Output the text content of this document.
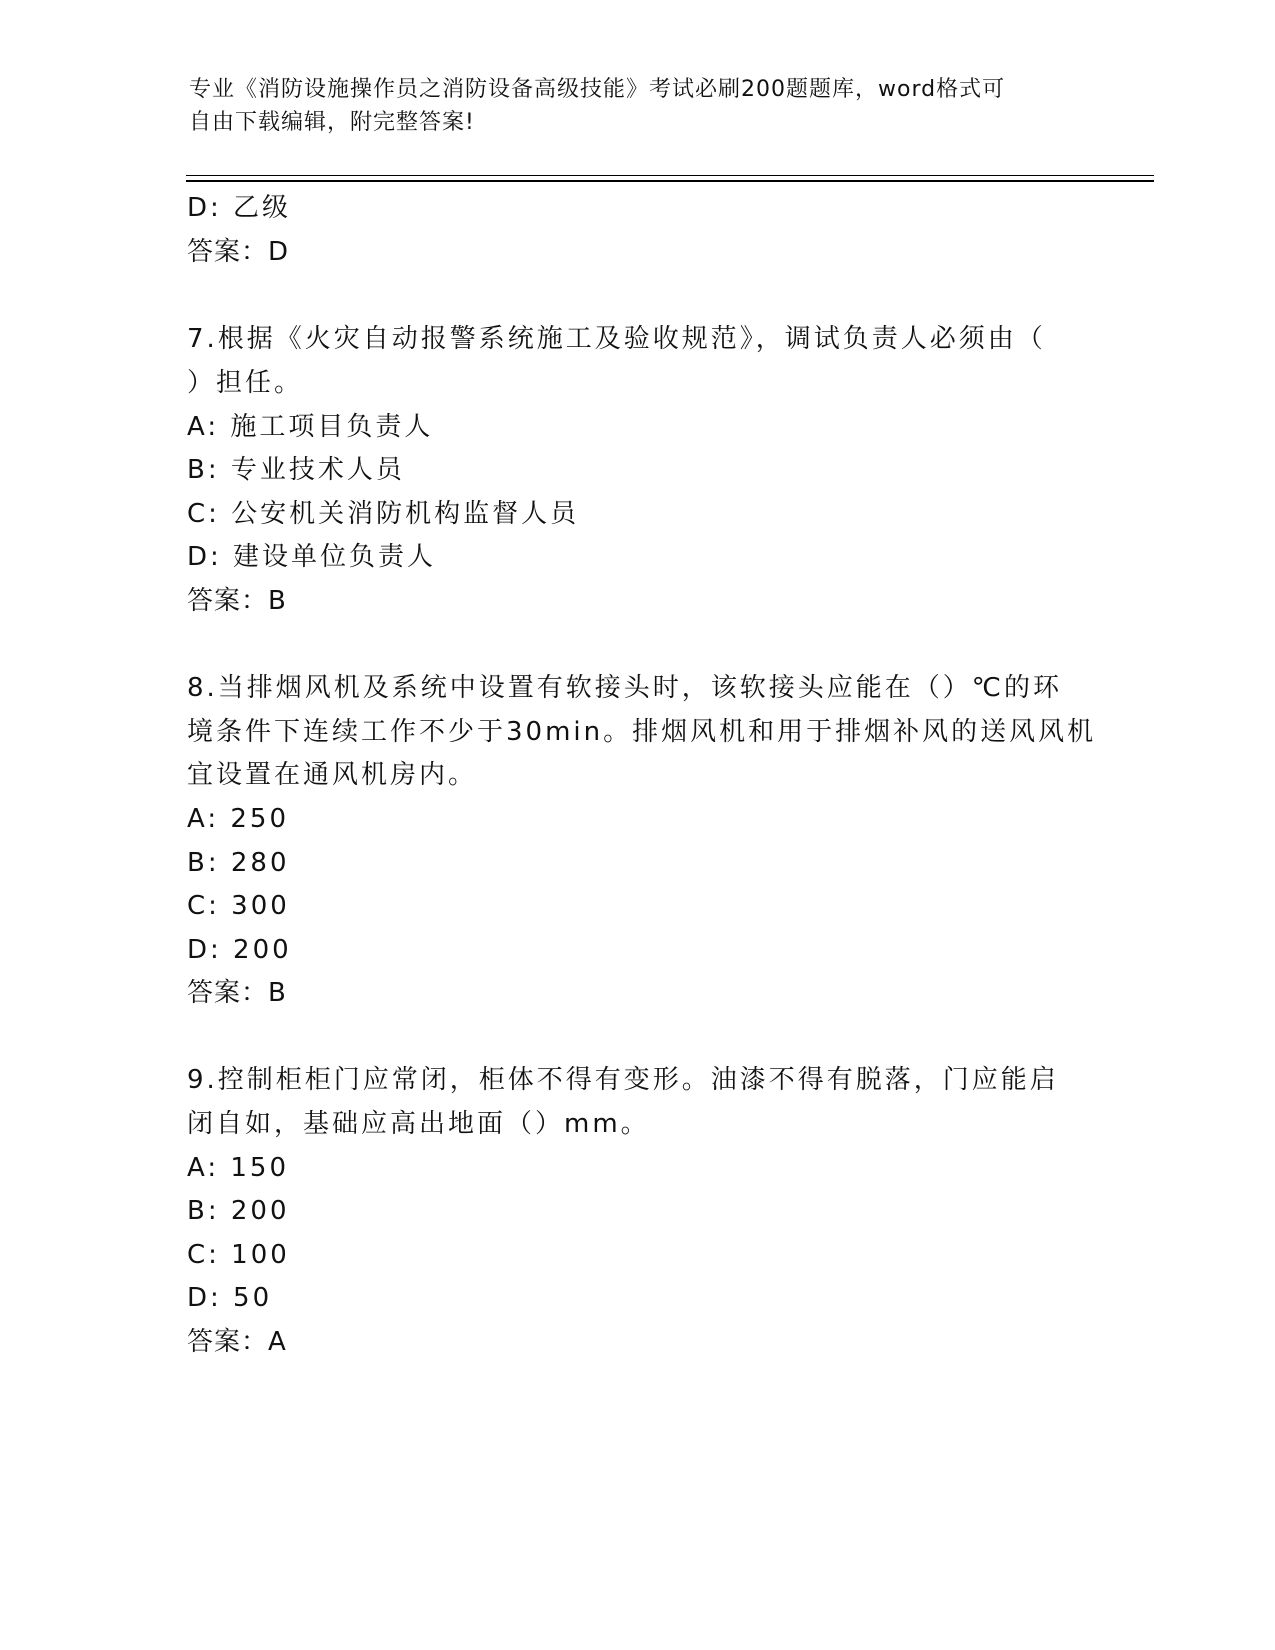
专业《消防设施操作员之消防设备高级技能》考试必刷200题题库，word格式可
自由下载编辑，附完整答案!
D: 乙级
答案：D
7.根据《火灾自动报警系统施工及验收规范》，调试负责人必须由（
）担任。
A: 施工项目负责人
B: 专业技术人员
C: 公安机关消防机构监督人员
D: 建设单位负责人
答案：B
8.当排烟风机及系统中设置有软接头时，该软接头应能在（）℃的环
境条件下连续工作不少于30min。排烟风机和用于排烟补风的送风风机
宜设置在通风机房内。
A: 250
B: 280
C: 300
D: 200
答案：B
9.控制柜柜门应常闭，柜体不得有变形。油漆不得有脱落，门应能启
闭自如，基础应高出地面（）mm。
A: 150
B: 200
C: 100
D: 50
答案：A
